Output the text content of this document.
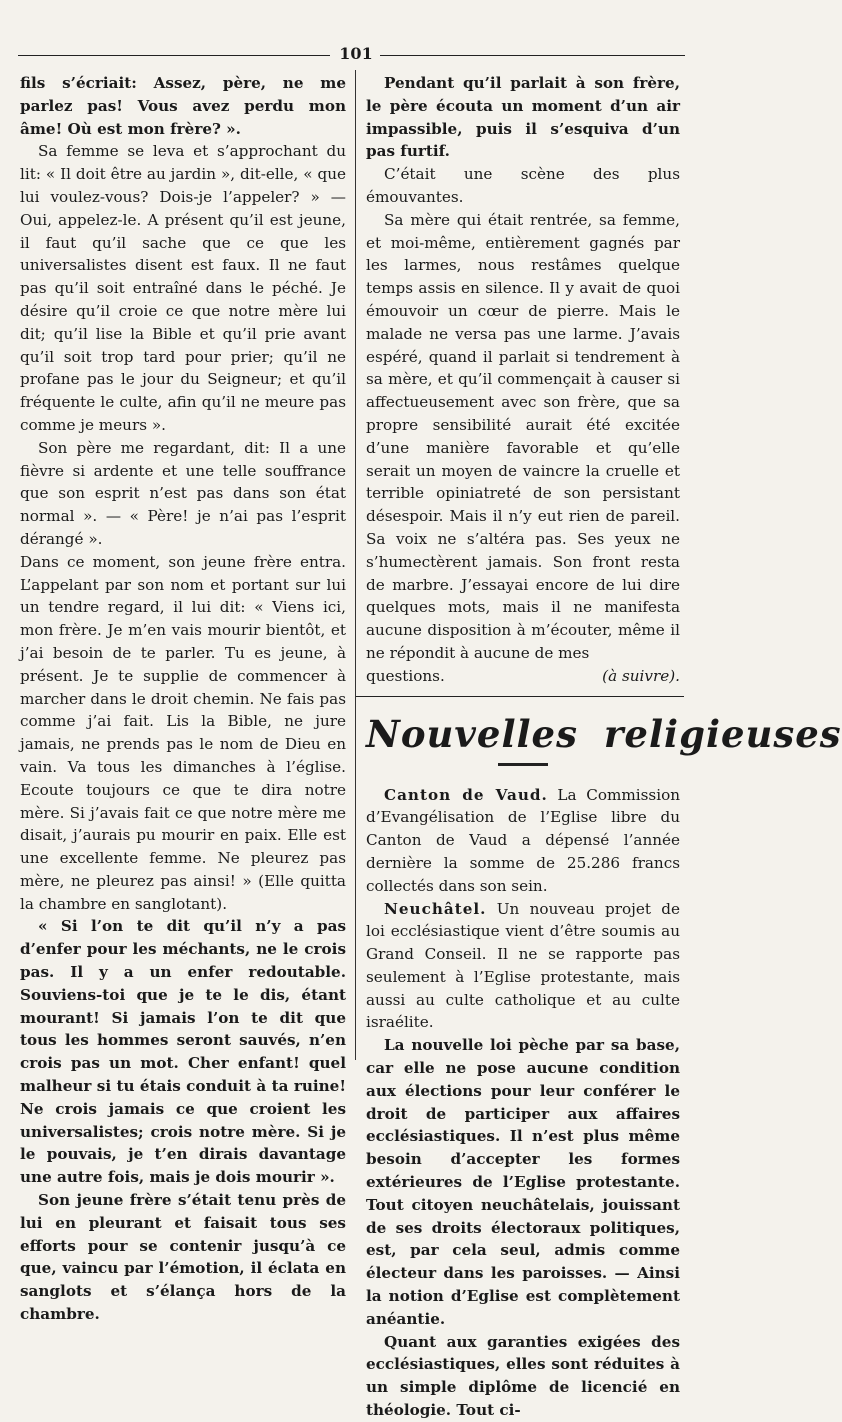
101

fils s’écriait: Assez, père, ne me parlez pas! Vous avez perdu mon âme! Où est mon frère? ».

Sa femme se leva et s’approchant du lit: « Il doit être au jardin », dit-elle, « que lui voulez-vous? Dois-je l’appeler? » — Oui, appelez-le. A présent qu’il est jeune, il faut qu’il sache que ce que les universalistes disent est faux. Il ne faut pas qu’il soit entraîné dans le péché. Je désire qu’il croie ce que notre mère lui dit; qu’il lise la Bible et qu’il prie avant qu’il soit trop tard pour prier; qu’il ne profane pas le jour du Seigneur; et qu’il fréquente le culte, afin qu’il ne meure pas comme je meurs ».

Son père me regardant, dit: Il a une fièvre si ardente et une telle souffrance que son esprit n’est pas dans son état normal ». — « Père! je n’ai pas l’esprit dérangé ».

Dans ce moment, son jeune frère entra. L’appelant par son nom et portant sur lui un tendre regard, il lui dit: « Viens ici, mon frère. Je m’en vais mourir bientôt, et j’ai besoin de te parler. Tu es jeune, à présent. Je te supplie de commencer à marcher dans le droit chemin. Ne fais pas comme j’ai fait. Lis la Bible, ne jure jamais, ne prends pas le nom de Dieu en vain. Va tous les dimanches à l’église. Ecoute toujours ce que te dira notre mère. Si j’avais fait ce que notre mère me disait, j’aurais pu mourir en paix. Elle est une excellente femme. Ne pleurez pas mère, ne pleurez pas ainsi! » (Elle quitta la chambre en sanglotant).

« Si l’on te dit qu’il n’y a pas d’enfer pour les méchants, ne le crois pas. Il y a un enfer redoutable. Souviens-toi que je te le dis, étant mourant! Si jamais l’on te dit que tous les hommes seront sauvés, n’en crois pas un mot. Cher enfant! quel malheur si tu étais conduit à ta ruine! Ne crois jamais ce que croient les universalistes; crois notre mère. Si je le pouvais, je t’en dirais davantage une autre fois, mais je dois mourir ».

Son jeune frère s’était tenu près de lui en pleurant et faisait tous ses efforts pour se contenir jusqu’à ce que, vaincu par l’émotion, il éclata en sanglots et s’élança hors de la chambre.

Pendant qu’il parlait à son frère, le père écouta un moment d’un air impassible, puis il s’esquiva d’un pas furtif.

C’était une scène des plus émouvantes.

Sa mère qui était rentrée, sa femme, et moi-même, entièrement gagnés par les larmes, nous restâmes quelque temps assis en silence. Il y avait de quoi émouvoir un cœur de pierre. Mais le malade ne versa pas une larme. J’avais espéré, quand il parlait si tendrement à sa mère, et qu’il commençait à causer si affectueusement avec son frère, que sa propre sensibilité aurait été excitée d’une manière favorable et qu’elle serait un moyen de vaincre la cruelle et terrible opiniatreté de son persistant désespoir. Mais il n’y eut rien de pareil. Sa voix ne s’altéra pas. Ses yeux ne s’humectèrent jamais. Son front resta de marbre. J’essayai encore de lui dire quelques mots, mais il ne manifesta aucune disposition à m’écouter, même il ne répondit à aucune de mes

questions.	(à suivre).
Nouvelles religieuses

Canton de Vaud. La Commission d’Evangélisation de l’Eglise libre du Canton de Vaud a dépensé l’année dernière la somme de 25.286 francs collectés dans son sein.

Neuchâtel. Un nouveau projet de loi ecclésiastique vient d’être soumis au Grand Conseil. Il ne se rapporte pas seulement à l’Eglise protestante, mais aussi au culte catholique et au culte israélite.

La nouvelle loi pèche par sa base, car elle ne pose aucune condition aux élections pour leur conférer le droit de participer aux affaires ecclésiastiques. Il n’est plus même besoin d’accepter les formes extérieures de l’Eglise protestante. Tout citoyen neuchâtelais, jouissant de ses droits électoraux politiques, est, par cela seul, admis comme électeur dans les paroisses. — Ainsi la notion d’Eglise est complètement anéantie.

Quant aux garanties exigées des ecclésiastiques, elles sont réduites à un simple diplôme de licencié en théologie. Tout ci-
